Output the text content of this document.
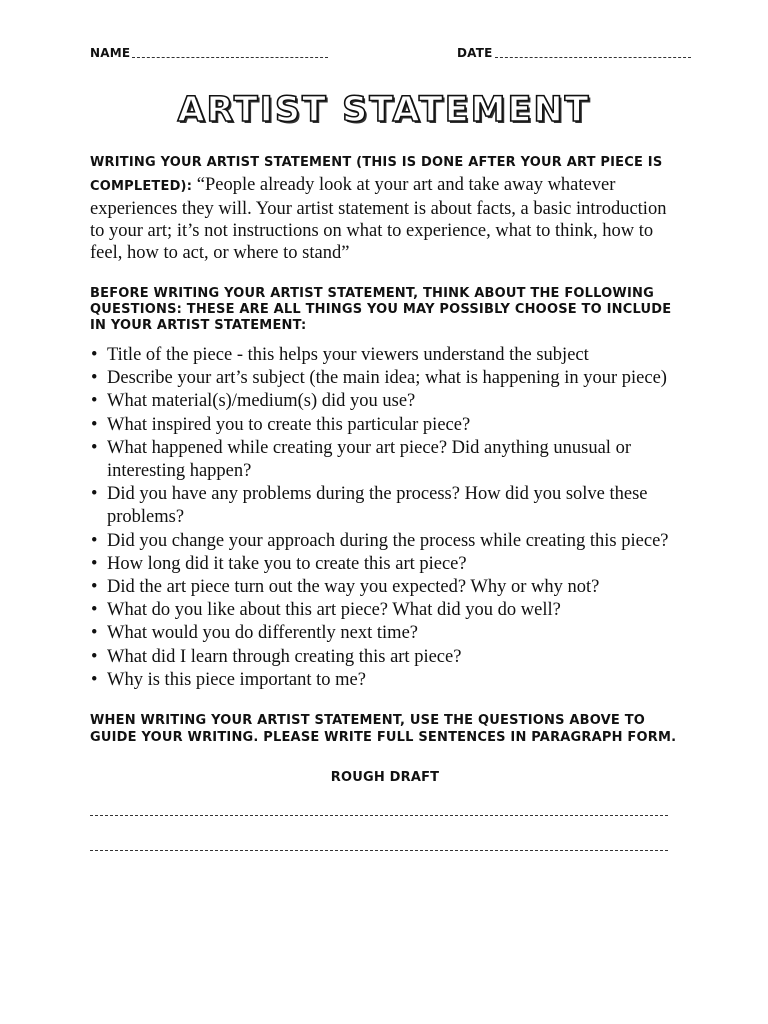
NAME	DATE
ARTIST STATEMENT

WRITING YOUR ARTIST STATEMENT (THIS IS DONE AFTER YOUR ART PIECE IS COMPLETED): “People already look at your art and take away whatever experiences they will. Your artist statement is about facts, a basic introduction to your art; it’s not instructions on what to experience, what to think, how to feel, how to act, or where to stand”

BEFORE WRITING YOUR ARTIST STATEMENT, THINK ABOUT THE FOLLOWING QUESTIONS: THESE ARE ALL THINGS YOU MAY POSSIBLY CHOOSE TO INCLUDE IN YOUR ARTIST STATEMENT:
• Title of the piece - this helps your viewers understand the subject
• Describe your art’s subject (the main idea; what is happening in your piece)
• What material(s)/medium(s) did you use?
• What inspired you to create this particular piece?
• What happened while creating your art piece? Did anything unusual or interesting happen?
• Did you have any problems during the process? How did you solve these problems?
• Did you change your approach during the process while creating this piece?
• How long did it take you to create this art piece?
• Did the art piece turn out the way you expected? Why or why not?
• What do you like about this art piece? What did you do well?
• What would you do differently next time?
• What did I learn through creating this art piece?
• Why is this piece important to me?
WHEN WRITING YOUR ARTIST STATEMENT, USE THE QUESTIONS ABOVE TO GUIDE YOUR WRITING. PLEASE WRITE FULL SENTENCES IN PARAGRAPH FORM.
ROUGH DRAFT
